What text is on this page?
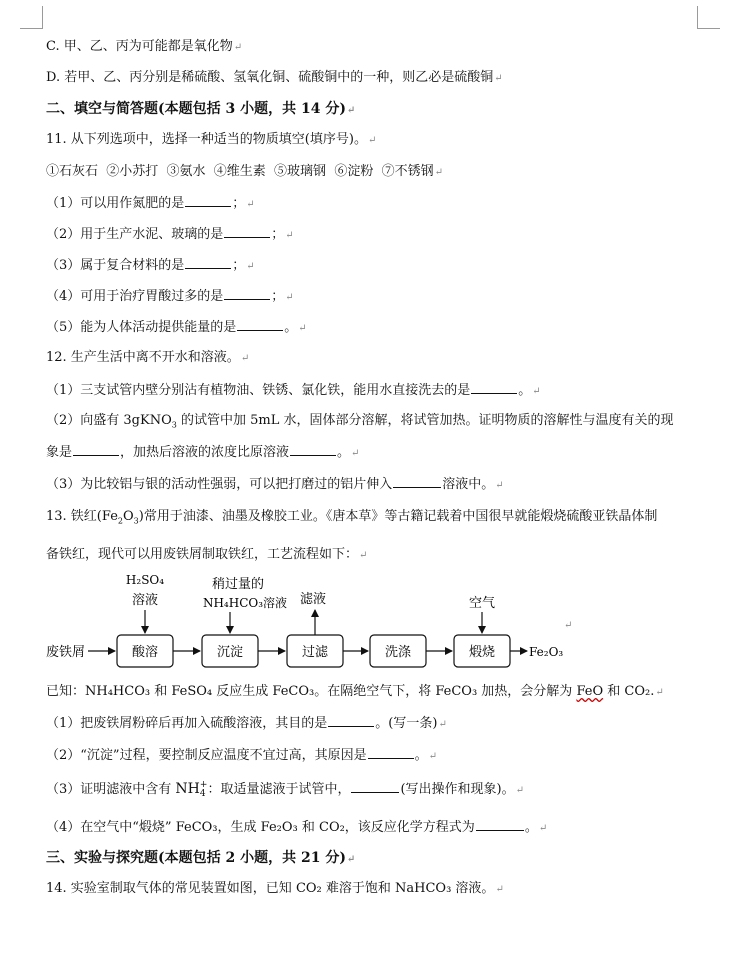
C. 甲、乙、丙为可能都是氧化物↵
D. 若甲、乙、丙分别是稀硫酸、氢氧化铜、硫酸铜中的一种，则乙必是硫酸铜↵
二、填空与简答题(本题包括 3 小题，共 14 分)↵
11. 从下列选项中，选择一种适当的物质填空(填序号)。↵
①石灰石  ②小苏打  ③氨水  ④维生素  ⑤玻璃钢  ⑥淀粉  ⑦不锈钢↵
（1）可以用作氮肥的是	；↵
（2）用于生产水泥、玻璃的是	；↵
（3）属于复合材料的是	；↵
（4）可用于治疗胃酸过多的是	；↵
（5）能为人体活动提供能量的是	。↵
12. 生产生活中离不开水和溶液。↵
（1）三支试管内壁分别沾有植物油、铁锈、氯化铁，能用水直接洗去的是	。↵
（2）向盛有 3gKNO$_3$ 的试管中加 5mL 水，固体部分溶解，将试管加热。证明物质的溶解性与温度有关的现
象是	，加热后溶液的浓度比原溶液	。↵
（3）为比较铝与银的活动性强弱，可以把打磨过的铝片伸入	溶液中。↵
13. 铁红$(Fe_2O_3)$常用于油漆、油墨及橡胶工业。《唐本草》等古籍记载着中国很早就能煅烧硫酸亚铁晶体制
备铁红，现代可以用废铁屑制取铁红，工艺流程如下：↵
废铁屑	酸溶	沉淀	过滤	洗涤	煅烧	Fe₂O₃
↵
H₂SO₄
溶液
稍过量的
NH₄HCO₃溶液 滤液	空气
已知：NH₄HCO₃ 和 FeSO₄ 反应生成 FeCO₃。在隔绝空气下，将 FeCO₃ 加热，会分解为 FeO 和 CO₂.↵
（1）把废铁屑粉碎后再加入硫酸溶液，其目的是	。(写一条)↵
（2）“沉淀”过程，要控制反应温度不宜过高，其原因是	。↵
（3）证明滤液中含有 NH +
4 ：取适量滤液于试管中，	(写出操作和现象)。↵
（4）在空气中“煅烧” FeCO₃，生成 Fe₂O₃ 和 CO₂，该反应化学方程式为	。↵
三、实验与探究题(本题包括 2 小题，共 21 分)↵
14. 实验室制取气体的常见装置如图，已知 CO₂ 难溶于饱和 NaHCO₃ 溶液。↵
